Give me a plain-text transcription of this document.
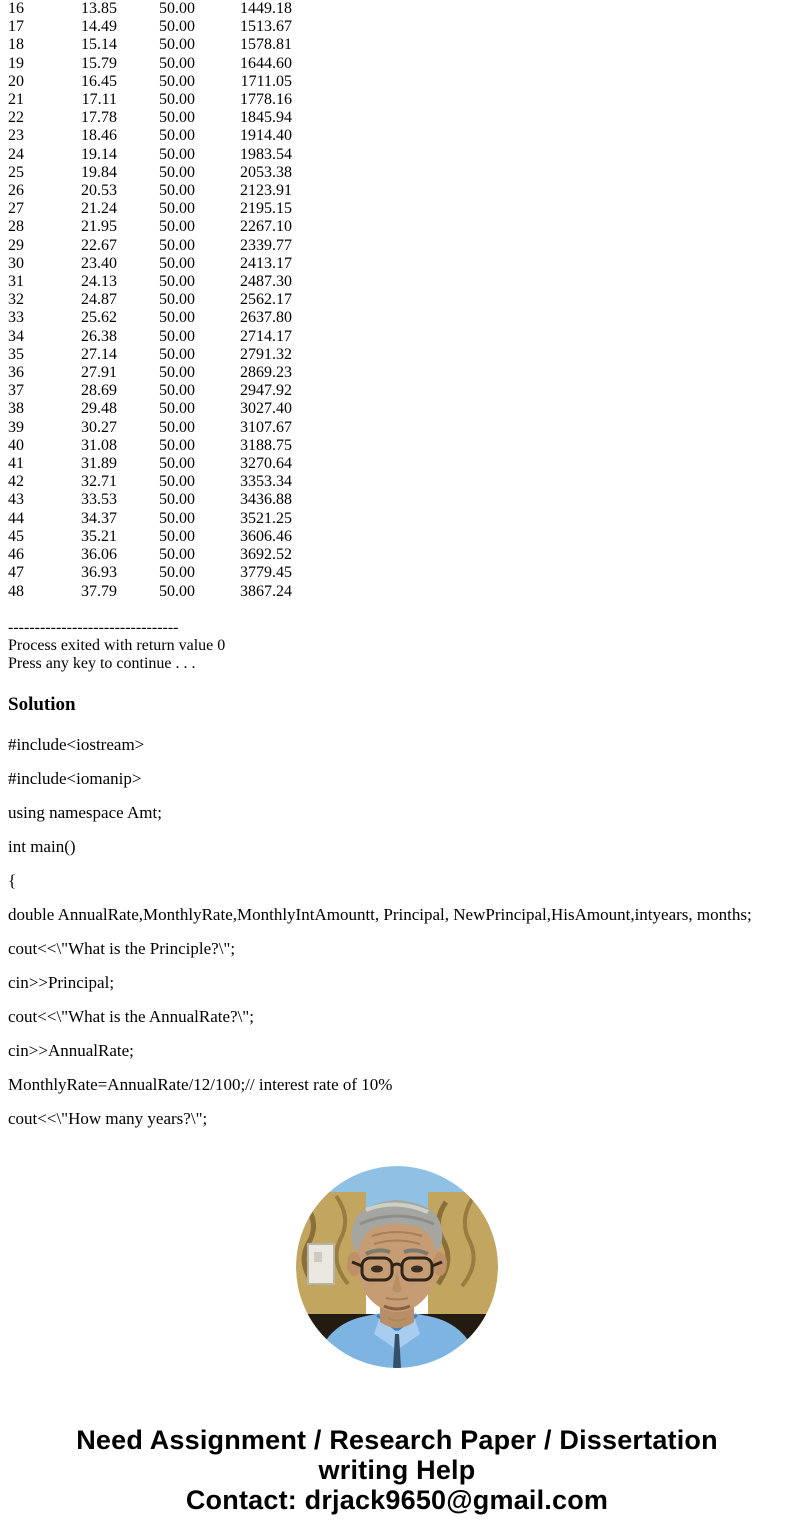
16	13.85	50.00	1449.18
17	14.49	50.00	1513.67
18	15.14	50.00	1578.81
19	15.79	50.00	1644.60
20	16.45	50.00	1711.05
21	17.11	50.00	1778.16
22	17.78	50.00	1845.94
23	18.46	50.00	1914.40
24	19.14	50.00	1983.54
25	19.84	50.00	2053.38
26	20.53	50.00	2123.91
27	21.24	50.00	2195.15
28	21.95	50.00	2267.10
29	22.67	50.00	2339.77
30	23.40	50.00	2413.17
31	24.13	50.00	2487.30
32	24.87	50.00	2562.17
33	25.62	50.00	2637.80
34	26.38	50.00	2714.17
35	27.14	50.00	2791.32
36	27.91	50.00	2869.23
37	28.69	50.00	2947.92
38	29.48	50.00	3027.40
39	30.27	50.00	3107.67
40	31.08	50.00	3188.75
41	31.89	50.00	3270.64
42	32.71	50.00	3353.34
43	33.53	50.00	3436.88
44	34.37	50.00	3521.25
45	35.21	50.00	3606.46
46	36.06	50.00	3692.52
47	36.93	50.00	3779.45
48	37.79	50.00	3867.24
--------------------------------
Process exited with return value 0
Press any key to continue . . .
Solution

#include<iostream>

#include<iomanip>

using namespace Amt;

int main()

{

double AnnualRate,MonthlyRate,MonthlyIntAmountt, Principal, NewPrincipal,HisAmount,intyears, months;

cout<<\"What is the Principle?\";

cin>>Principal;

cout<<\"What is the AnnualRate?\";

cin>>AnnualRate;

MonthlyRate=AnnualRate/12/100;// interest rate of 10%

cout<<\"How many years?\";

Need Assignment / Research Paper / Dissertation writing Help
Contact: drjack9650@gmail.com
